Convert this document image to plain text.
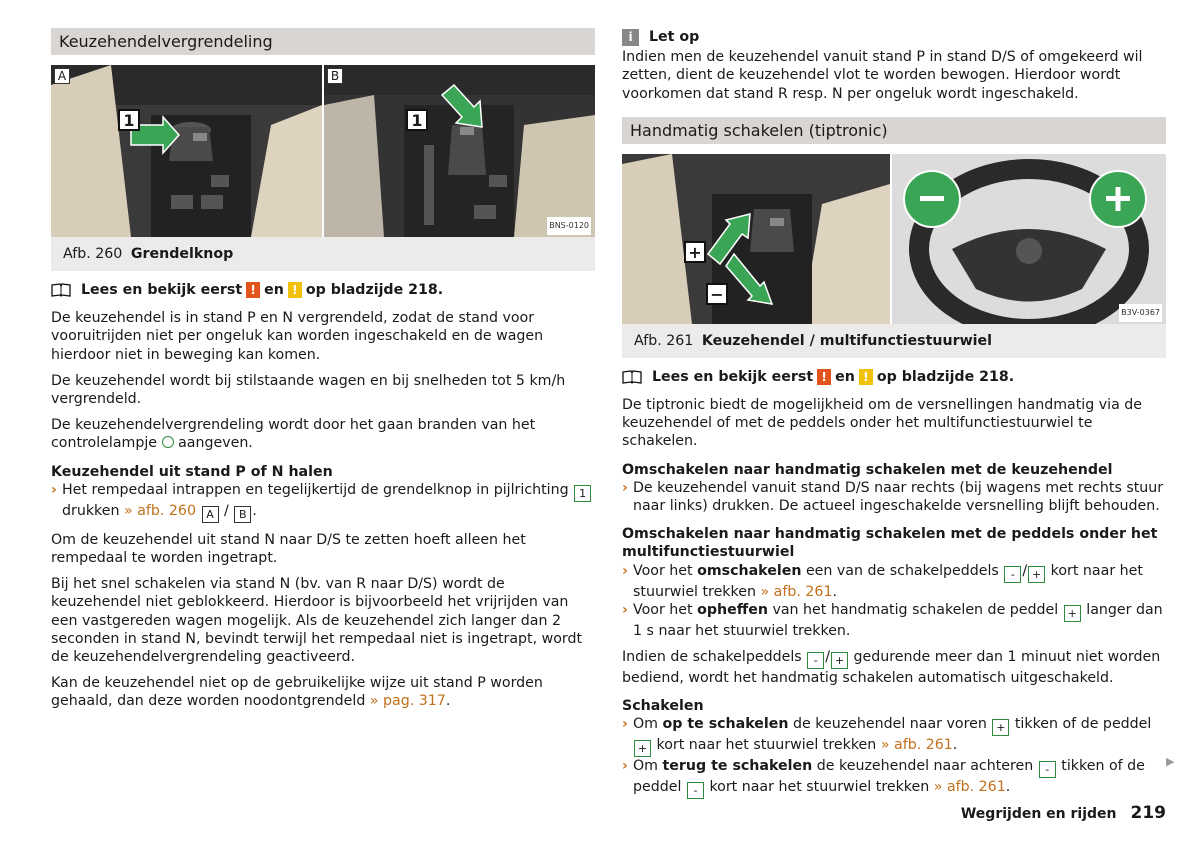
Keuzehendelvergrendeling
A
1
B
1
BNS-0120
Afb. 260 Grendelknop
Lees en bekijk eerst ! en ! op bladzijde 218.

De keuzehendel is in stand P en N vergrendeld, zodat de stand voor vooruitrijden niet per ongeluk kan worden ingeschakeld en de wagen hierdoor niet in beweging kan komen.

De keuzehendel wordt bij stilstaande wagen en bij snelheden tot 5 km/h vergrendeld.

De keuzehendelvergrendeling wordt door het gaan branden van het controlelampje aangeven.

Keuzehendel uit stand P of N halen
› Het rempedaal intrappen en tegelijkertijd de grendelknop in pijlrichting 1 drukken » afb. 260 A / B .

Om de keuzehendel uit stand N naar D/S te zetten hoeft alleen het rempedaal te worden ingetrapt.

Bij het snel schakelen via stand N (bv. van R naar D/S) wordt de keuzehendel niet geblokkeerd. Hierdoor is bijvoorbeeld het vrijrijden van een vastgereden wagen mogelijk. Als de keuzehendel zich langer dan 2 seconden in stand N, bevindt terwijl het rempedaal niet is ingetrapt, wordt de keuzehendelvergrendeling geactiveerd.

Kan de keuzehendel niet op de gebruikelijke wijze uit stand P worden gehaald, dan deze worden noodontgrendeld » pag. 317.

i	Let op
Indien men de keuzehendel vanuit stand P in stand D/S of omgekeerd wil zetten, dient de keuzehendel vlot te worden bewogen. Hierdoor wordt voorkomen dat stand R resp. N per ongeluk wordt ingeschakeld.
Handmatig schakelen (tiptronic)
+
−
B3V-0367
Afb. 261 Keuzehendel / multifunctiestuurwiel
Lees en bekijk eerst ! en ! op bladzijde 218.

De tiptronic biedt de mogelijkheid om de versnellingen handmatig via de keuzehendel of met de peddels onder het multifunctiestuurwiel te schakelen.

Omschakelen naar handmatig schakelen met de keuzehendel
› De keuzehendel vanuit stand D/S naar rechts (bij wagens met rechts stuur naar links) drukken. De actueel ingeschakelde versnelling blijft behouden.
Omschakelen naar handmatig schakelen met de peddels onder het multifunctiestuurwiel
› Voor het omschakelen een van de schakelpeddels - / + kort naar het stuurwiel trekken » afb. 261.
› Voor het opheffen van het handmatig schakelen de peddel + langer dan 1 s naar het stuurwiel trekken.

Indien de schakelpeddels - / + gedurende meer dan 1 minuut niet worden bediend, wordt het handmatig schakelen automatisch uitgeschakeld.

Schakelen
› Om op te schakelen de keuzehendel naar voren + tikken of de peddel + kort naar het stuurwiel trekken » afb. 261.
› Om terug te schakelen de keuzehendel naar achteren - tikken of de peddel - kort naar het stuurwiel trekken » afb. 261.
▶
Wegrijden en rijden 219
